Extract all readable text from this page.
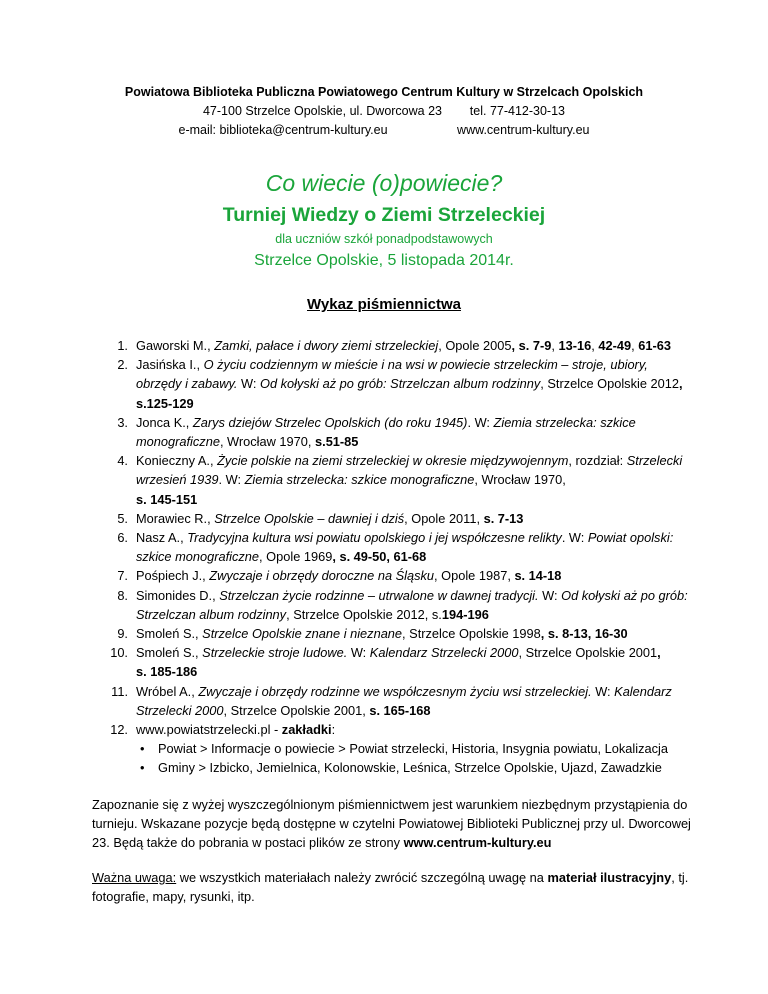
Powiatowa Biblioteka Publiczna Powiatowego Centrum Kultury w Strzelcach Opolskich
47-100 Strzelce Opolskie, ul. Dworcowa 23 tel. 77-412-30-13
e-mail: biblioteka@centrum-kultury.eu	www.centrum-kultury.eu
Co wiecie (o)powiecie?
Turniej Wiedzy o Ziemi Strzeleckiej
dla uczniów szkół ponadpodstawowych
Strzelce Opolskie, 5 listopada 2014r.
Wykaz piśmiennictwa
1. Gaworski M., Zamki, pałace i dwory ziemi strzeleckiej, Opole 2005, s. 7-9, 13-16, 42-49, 61-63
2. Jasińska I., O życiu codziennym w mieście i na wsi w powiecie strzeleckim – stroje, ubiory, obrzędy i zabawy. W: Od kołyski aż po grób: Strzelczan album rodzinny, Strzelce Opolskie 2012, s.125-129
3. Jonca K., Zarys dziejów Strzelec Opolskich (do roku 1945). W: Ziemia strzelecka: szkice monograficzne, Wrocław 1970, s.51-85
4. Konieczny A., Życie polskie na ziemi strzeleckiej w okresie międzywojennym, rozdział: Strzelecki wrzesień 1939. W: Ziemia strzelecka: szkice monograficzne, Wrocław 1970,
s. 145-151
5. Morawiec R., Strzelce Opolskie – dawniej i dziś, Opole 2011, s. 7-13
6. Nasz A., Tradycyjna kultura wsi powiatu opolskiego i jej współczesne relikty. W: Powiat opolski: szkice monograficzne, Opole 1969, s. 49-50, 61-68
7. Pośpiech J., Zwyczaje i obrzędy doroczne na Śląsku, Opole 1987, s. 14-18
8. Simonides D., Strzelczan życie rodzinne – utrwalone w dawnej tradycji. W: Od kołyski aż po grób: Strzelczan album rodzinny, Strzelce Opolskie 2012, s.194-196
9. Smoleń S., Strzelce Opolskie znane i nieznane, Strzelce Opolskie 1998, s. 8-13, 16-30
10. Smoleń S., Strzeleckie stroje ludowe. W: Kalendarz Strzelecki 2000, Strzelce Opolskie 2001,
s. 185-186
11. Wróbel A., Zwyczaje i obrzędy rodzinne we współczesnym życiu wsi strzeleckiej. W: Kalendarz Strzelecki 2000, Strzelce Opolskie 2001, s. 165-168
12. www.powiatstrzelecki.pl - zakładki:
• Powiat > Informacje o powiecie > Powiat strzelecki, Historia, Insygnia powiatu, Lokalizacja
• Gminy > Izbicko, Jemielnica, Kolonowskie, Leśnica, Strzelce Opolskie, Ujazd, Zawadzkie

Zapoznanie się z wyżej wyszczególnionym piśmiennictwem jest warunkiem niezbędnym przystąpienia do turnieju. Wskazane pozycje będą dostępne w czytelni Powiatowej Biblioteki Publicznej przy ul. Dworcowej 23. Będą także do pobrania w postaci plików ze strony www.centrum-kultury.eu

Ważna uwaga: we wszystkich materiałach należy zwrócić szczególną uwagę na materiał ilustracyjny, tj. fotografie, mapy, rysunki, itp.
